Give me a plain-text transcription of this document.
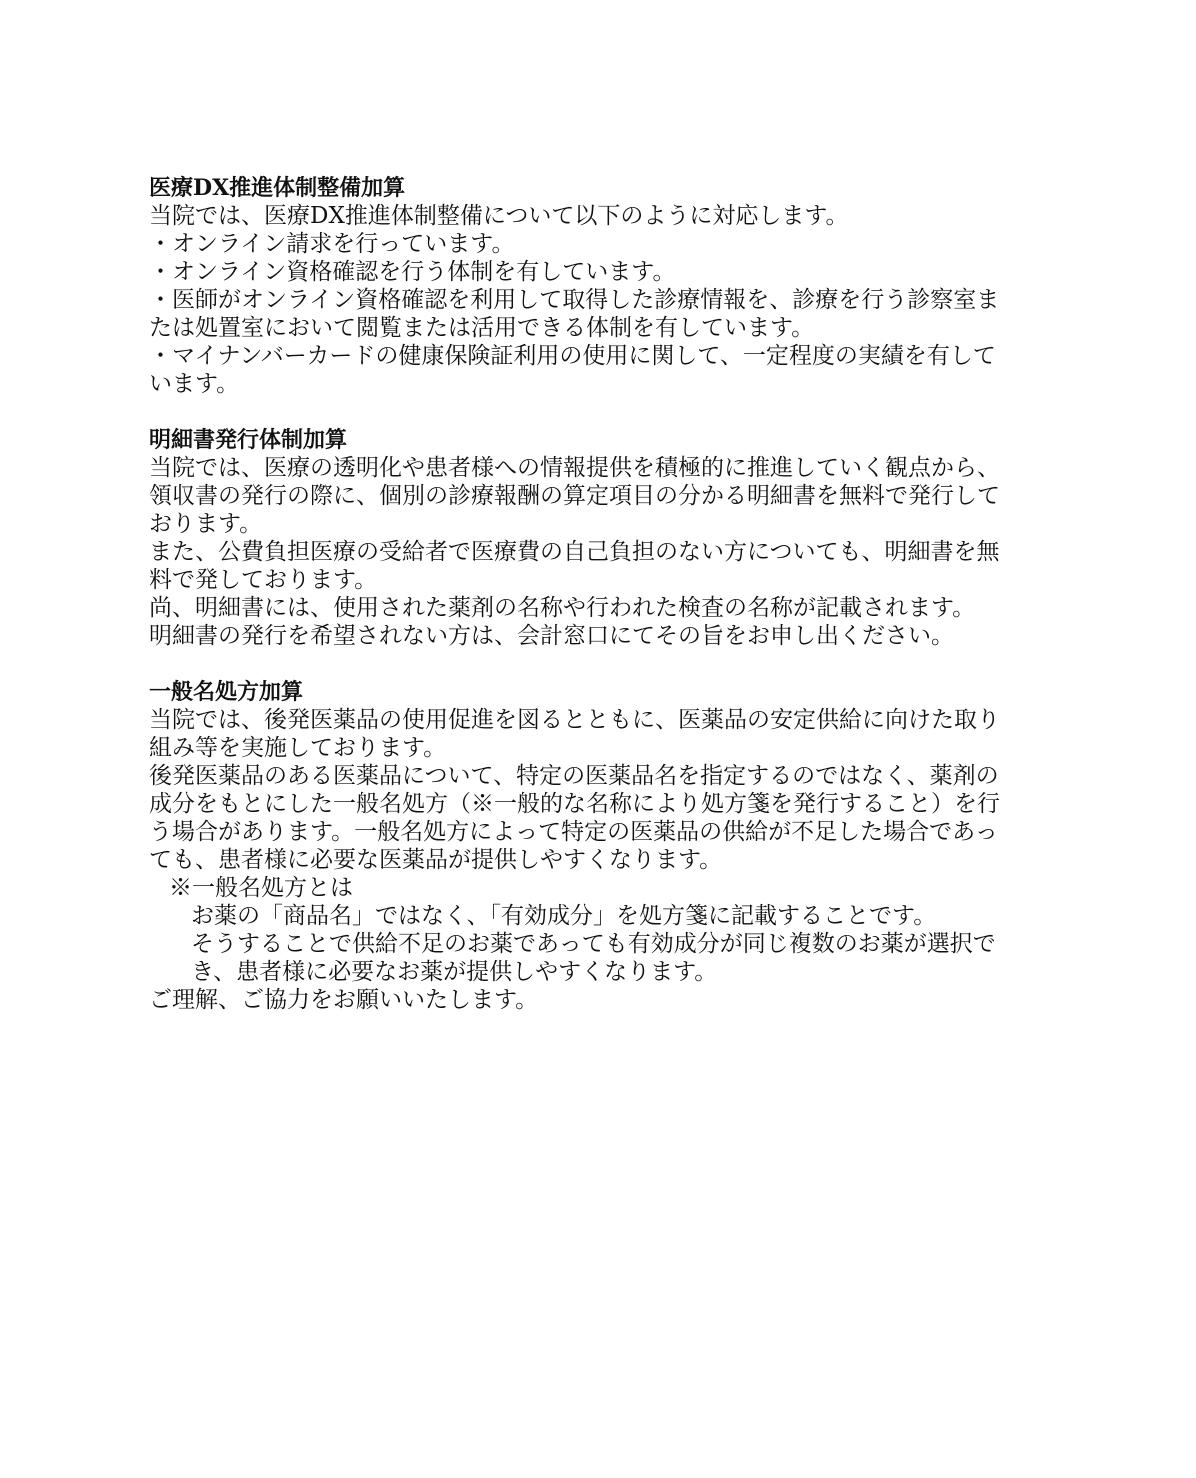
医療DX推進体制整備加算

当院では、医療DX推進体制整備について以下のように対応します。

・オンライン請求を行っています。

・オンライン資格確認を行う体制を有しています。

・医師がオンライン資格確認を利用して取得した診療情報を、診療を行う診察室または処置室において閲覧または活用できる体制を有しています。

・マイナンバーカードの健康保険証利用の使用に関して、一定程度の実績を有しています。

明細書発行体制加算

当院では、医療の透明化や患者様への情報提供を積極的に推進していく観点から、領収書の発行の際に、個別の診療報酬の算定項目の分かる明細書を無料で発行しております。

また、公費負担医療の受給者で医療費の自己負担のない方についても、明細書を無料で発しております。

尚、明細書には、使用された薬剤の名称や行われた検査の名称が記載されます。

明細書の発行を希望されない方は、会計窓口にてその旨をお申し出ください。

一般名処方加算

当院では、後発医薬品の使用促進を図るとともに、医薬品の安定供給に向けた取り組み等を実施しております。

後発医薬品のある医薬品について、特定の医薬品名を指定するのではなく、薬剤の成分をもとにした一般名処方（※一般的な名称により処方箋を発行すること）を行う場合があります。一般名処方によって特定の医薬品の供給が不足した場合であっても、患者様に必要な医薬品が提供しやすくなります。

※一般名処方とは

お薬の「商品名」ではなく、「有効成分」を処方箋に記載することです。

そうすることで供給不足のお薬であっても有効成分が同じ複数のお薬が選択でき、患者様に必要なお薬が提供しやすくなります。

ご理解、ご協力をお願いいたします。
